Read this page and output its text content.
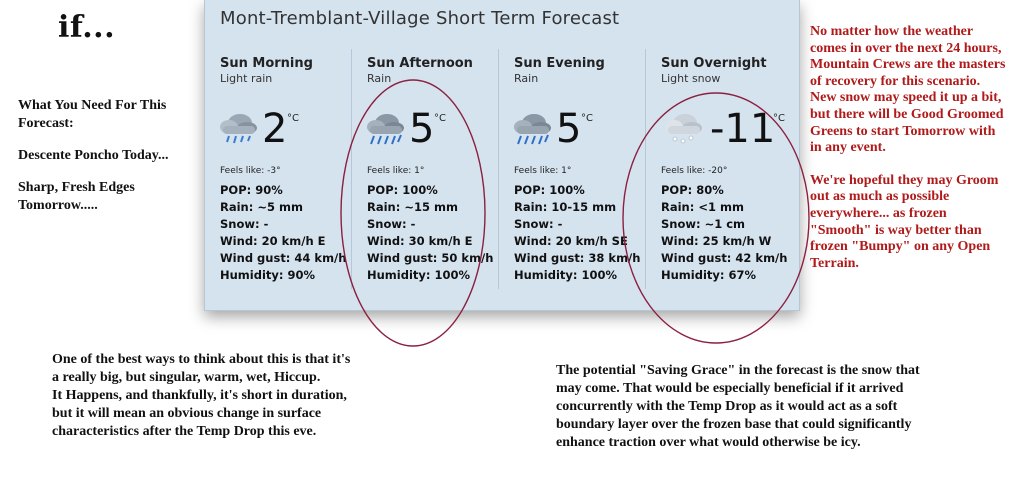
if...
What You Need For This Forecast:
Descente Poncho Today...
Sharp, Fresh Edges Tomorrow.....
Mont-Tremblant-Village Short Term Forecast
Sun Morning
Light rain
2 °C
Feels like: -3°
POP: 90%
Rain: ~5 mm
Snow: -
Wind: 20 km/h E
Wind gust: 44 km/h
Humidity: 90%
Sun Afternoon
Rain
5 °C
Feels like: 1°
POP: 100%
Rain: ~15 mm
Snow: -
Wind: 30 km/h E
Wind gust: 50 km/h
Humidity: 100%
Sun Evening
Rain
5 °C
Feels like: 1°
POP: 100%
Rain: 10-15 mm
Snow: -
Wind: 20 km/h SE
Wind gust: 38 km/h
Humidity: 100%
Sun Overnight
Light snow
-11
°C
Feels like: -20°
POP: 80%
Rain: <1 mm
Snow: ~1 cm
Wind: 25 km/h W
Wind gust: 42 km/h
Humidity: 67%

No matter how the weather comes in over the next 24 hours, Mountain Crews are the masters of recovery for this scenario. New snow may speed it up a bit, but there will be Good Groomed Greens to start Tomorrow with in any event.

We're hopeful they may Groom out as much as possible everywhere... as frozen "Smooth" is way better than frozen "Bumpy" on any Open Terrain.

One of the best ways to think about this is that it's
a really big, but singular, warm, wet, Hiccup.
It Happens, and thankfully, it's short in duration,
but it will mean an obvious change in surface
characteristics after the Temp Drop this eve.
The potential "Saving Grace" in the forecast is the snow that
may come. That would be especially beneficial if it arrived
concurrently with the Temp Drop as it would act as a soft
boundary layer over the frozen base that could significantly
enhance traction over what would otherwise be icy.
